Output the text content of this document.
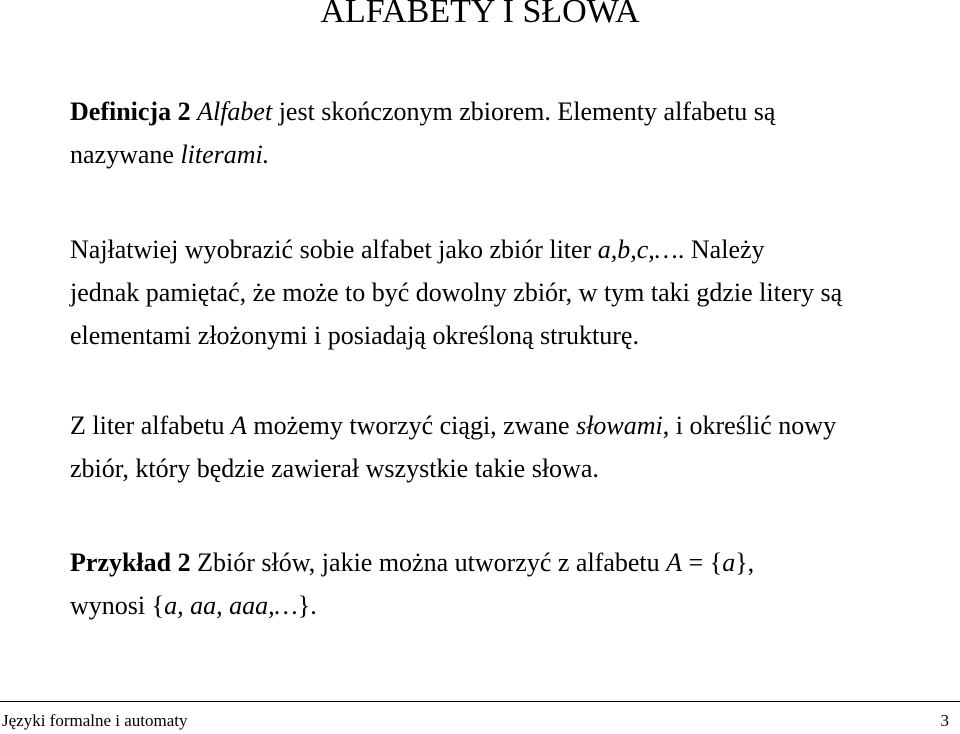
ALFABETY I SŁOWA
Definicja 2 Alfabet jest skończonym zbiorem. Elementy alfabetu są
nazywane literami.
Najłatwiej wyobrazić sobie alfabet jako zbiór liter a,b,c,…. Należy
jednak pamiętać, że może to być dowolny zbiór, w tym taki gdzie litery są
elementami złożonymi i posiadają określoną strukturę.
Z liter alfabetu A możemy tworzyć ciągi, zwane słowami, i określić nowy
zbiór, który będzie zawierał wszystkie takie słowa.
Przykład 2 Zbiór słów, jakie można utworzyć z alfabetu A = {a},
wynosi {a, aa, aaa,…}.
Języki formalne i automaty	3
